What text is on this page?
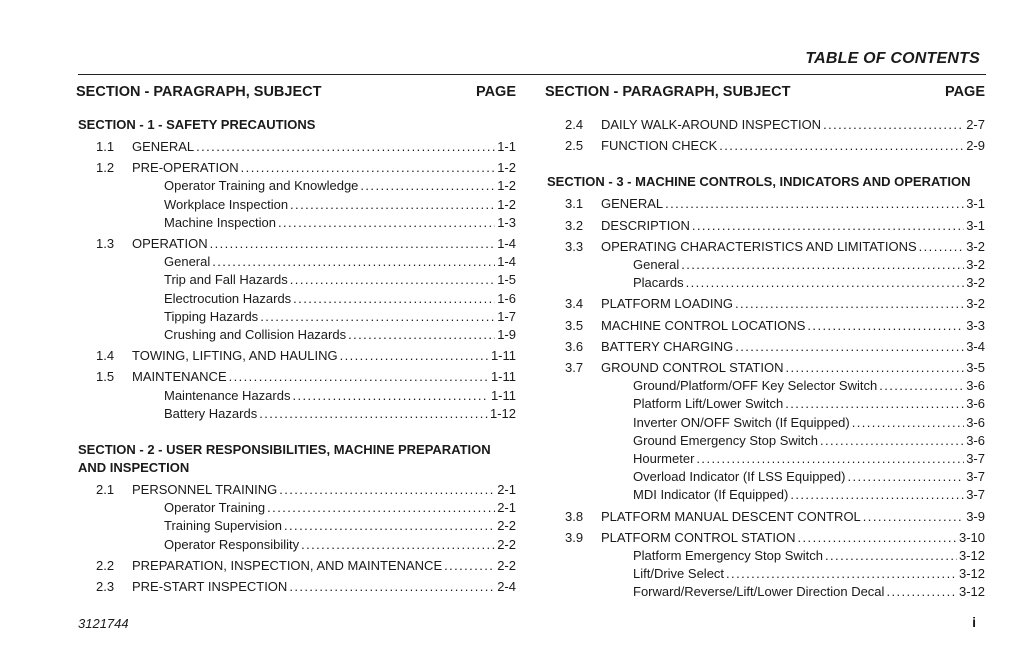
TABLE OF CONTENTS
SECTION - PARAGRAPH, SUBJECT	PAGE
SECTION - 1 - SAFETY PRECAUTIONS
1.1	GENERAL .....	1-1
1.2	PRE-OPERATION .....	1-2
Operator Training and Knowledge .....	1-2
Workplace Inspection .....	1-2
Machine Inspection .....	1-3
1.3	OPERATION .....	1-4
General .....	1-4
Trip and Fall Hazards .....	1-5
Electrocution Hazards .....	1-6
Tipping Hazards .....	1-7
Crushing and Collision Hazards .....	1-9
1.4	TOWING, LIFTING, AND HAULING .....	1-11
1.5	MAINTENANCE .....	1-11
Maintenance Hazards .....	1-11
Battery Hazards .....	1-12
SECTION - 2 - USER RESPONSIBILITIES, MACHINE PREPARATION
AND INSPECTION
2.1	PERSONNEL TRAINING .....	2-1
Operator Training .....	2-1
Training Supervision .....	2-2
Operator Responsibility .....	2-2
2.2	PREPARATION, INSPECTION, AND MAINTENANCE .....	2-2
2.3	PRE-START INSPECTION .....	2-4
SECTION - PARAGRAPH, SUBJECT	PAGE
2.4	DAILY WALK-AROUND INSPECTION .....	2-7
2.5	FUNCTION CHECK .....	2-9
SECTION - 3 - MACHINE CONTROLS, INDICATORS AND OPERATION
3.1	GENERAL .....	3-1
3.2	DESCRIPTION .....	3-1
3.3	OPERATING CHARACTERISTICS AND LIMITATIONS .....	3-2
General .....	3-2
Placards .....	3-2
3.4	PLATFORM LOADING .....	3-2
3.5	MACHINE CONTROL LOCATIONS .....	3-3
3.6	BATTERY CHARGING .....	3-4
3.7	GROUND CONTROL STATION .....	3-5
Ground/Platform/OFF Key Selector Switch .....	3-6
Platform Lift/Lower Switch .....	3-6
Inverter ON/OFF Switch (If Equipped) .....	3-6
Ground Emergency Stop Switch .....	3-6
Hourmeter .....	3-7
Overload Indicator (If LSS Equipped) .....	3-7
MDI Indicator (If Equipped) .....	3-7
3.8	PLATFORM MANUAL DESCENT CONTROL .....	3-9
3.9	PLATFORM CONTROL STATION .....	3-10
Platform Emergency Stop Switch .....	3-12
Lift/Drive Select .....	3-12
Forward/Reverse/Lift/Lower Direction Decal .....	3-12
3121744	i
